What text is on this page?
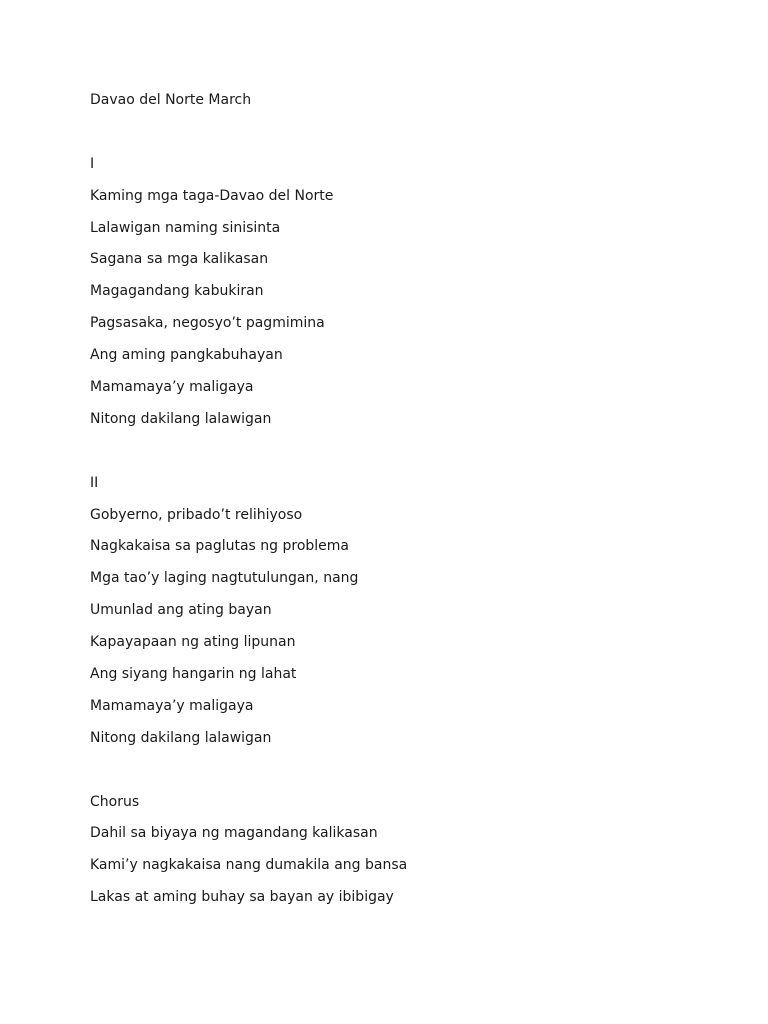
Davao del Norte March
I
Kaming mga taga-Davao del Norte
Lalawigan naming sinisinta
Sagana sa mga kalikasan
Magagandang kabukiran
Pagsasaka, negosyo’t pagmimina
Ang aming pangkabuhayan
Mamamaya’y maligaya
Nitong dakilang lalawigan
II
Gobyerno, pribado’t relihiyoso
Nagkakaisa sa paglutas ng problema
Mga tao’y laging nagtutulungan, nang
Umunlad ang ating bayan
Kapayapaan ng ating lipunan
Ang siyang hangarin ng lahat
Mamamaya’y maligaya
Nitong dakilang lalawigan
Chorus
Dahil sa biyaya ng magandang kalikasan
Kami’y nagkakaisa nang dumakila ang bansa
Lakas at aming buhay sa bayan ay ibibigay
